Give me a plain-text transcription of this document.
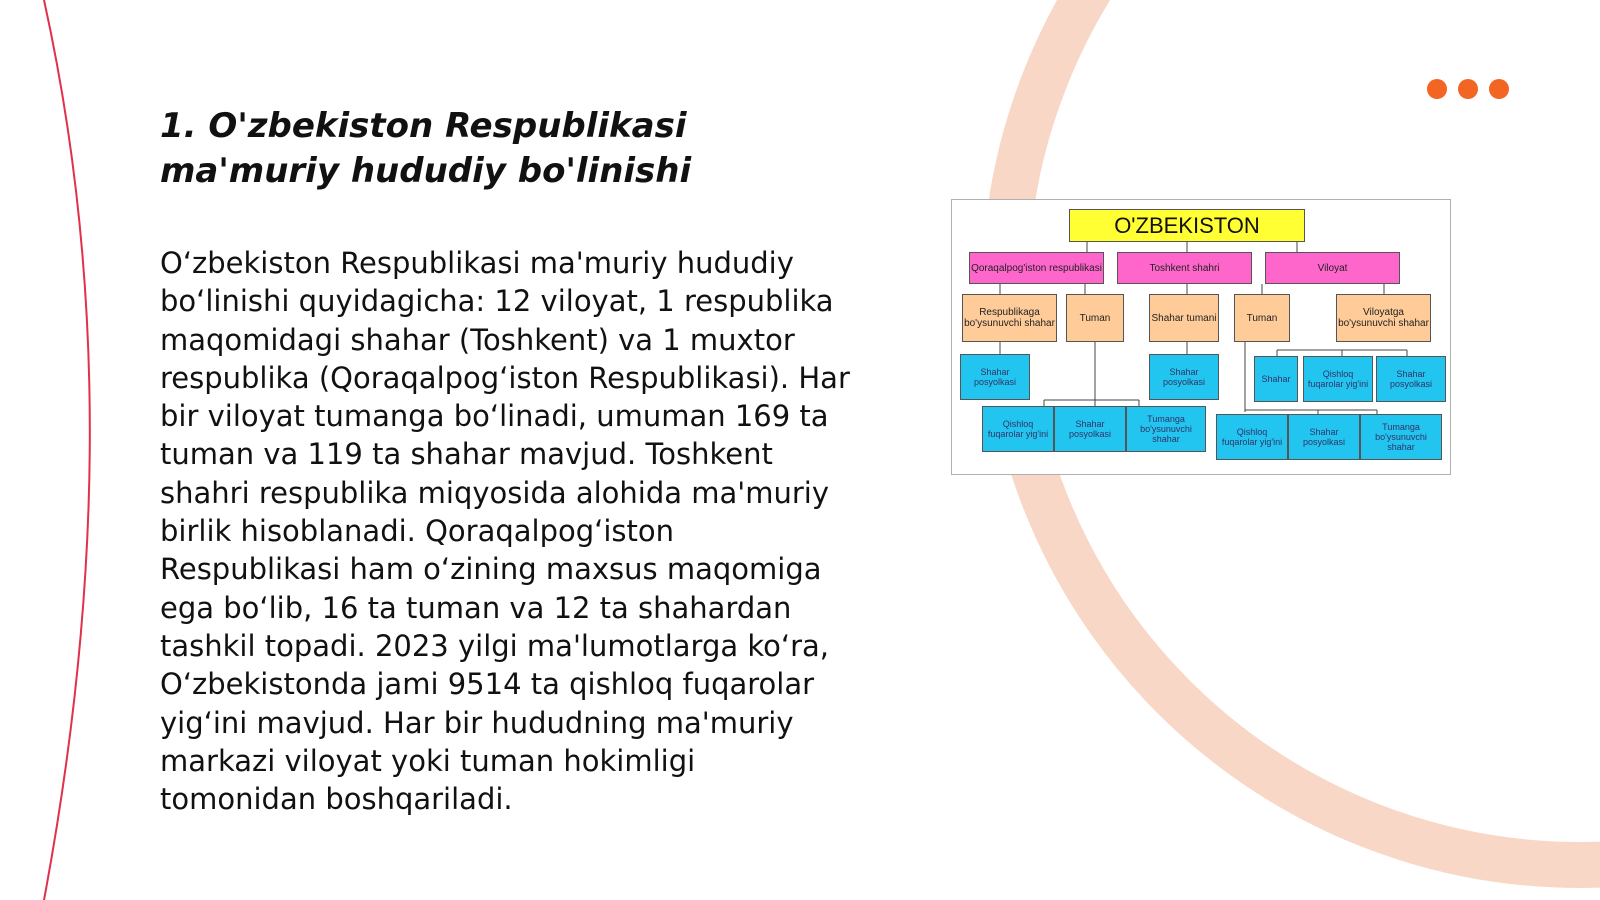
1. O'zbekiston Respublikasi ma'muriy hududiy bo'linishi

O‘zbekiston Respublikasi ma'muriy hududiy bo‘linishi quyidagicha: 12 viloyat, 1 respublika maqomidagi shahar (Toshkent) va 1 muxtor respublika (Qoraqalpog‘iston Respublikasi). Har bir viloyat tumanga bo‘linadi, umuman 169 ta tuman va 119 ta shahar mavjud. Toshkent shahri respublika miqyosida alohida ma'muriy birlik hisoblanadi. Qoraqalpog‘iston Respublikasi ham o‘zining maxsus maqomiga ega bo‘lib, 16 ta tuman va 12 ta shahardan tashkil topadi. 2023 yilgi ma'lumotlarga ko‘ra, O‘zbekistonda jami 9514 ta qishloq fuqarolar yig‘ini mavjud. Har bir hududning ma'muriy markazi viloyat yoki tuman hokimligi tomonidan boshqariladi.

O'ZBEKISTON
Qoraqalpog'iston respublikasi	Toshkent shahri	Viloyat
Respublikaga bo'ysunuvchi shahar	Tuman	Shahar tumani	Tuman	Viloyatga bo'ysunuvchi shahar
Shahar posyolkasi
Shahar posyolkasi	Shahar	Qishloq fuqarolar yig'ini
Shahar posyolkasi
Qishloq fuqarolar yig'ini
Shahar posyolkasi
Tumanga bo'ysunuvchi shahar
Qishloq fuqarolar yig'ini
Shahar posyolkasi
Tumanga bo'ysunuvchi shahar
